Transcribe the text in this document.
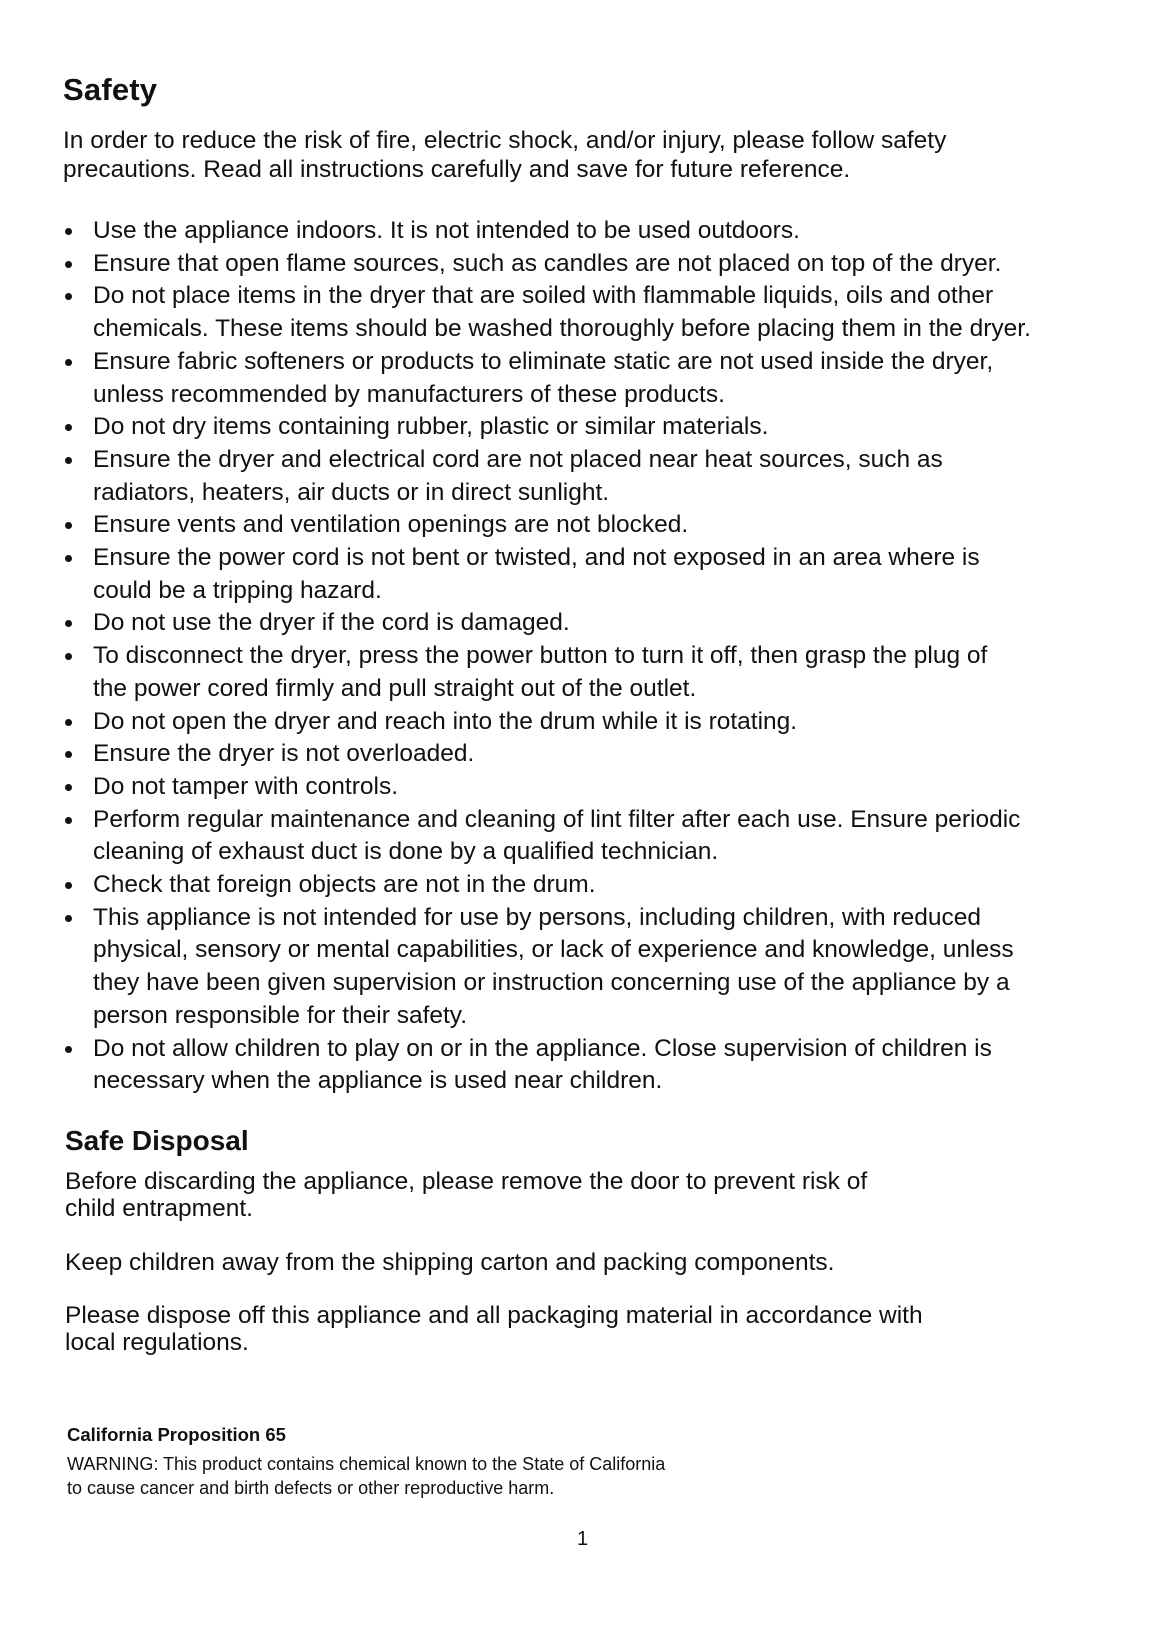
Safety

In order to reduce the risk of fire, electric shock, and/or injury, please follow safety
precautions. Read all instructions carefully and save for future reference.

Use the appliance indoors. It is not intended to be used outdoors.
Ensure that open flame sources, such as candles are not placed on top of the dryer.
Do not place items in the dryer that are soiled with flammable liquids, oils and other
chemicals. These items should be washed thoroughly before placing them in the dryer.
Ensure fabric softeners or products to eliminate static are not used inside the dryer,
unless recommended by manufacturers of these products.
Do not dry items containing rubber, plastic or similar materials.
Ensure the dryer and electrical cord are not placed near heat sources, such as
radiators, heaters, air ducts or in direct sunlight.
Ensure vents and ventilation openings are not blocked.
Ensure the power cord is not bent or twisted, and not exposed in an area where is
could be a tripping hazard.
Do not use the dryer if the cord is damaged.
To disconnect the dryer, press the power button to turn it off, then grasp the plug of
the power cored firmly and pull straight out of the outlet.
Do not open the dryer and reach into the drum while it is rotating.
Ensure the dryer is not overloaded.
Do not tamper with controls.
Perform regular maintenance and cleaning of lint filter after each use. Ensure periodic
cleaning of exhaust duct is done by a qualified technician.
Check that foreign objects are not in the drum.
This appliance is not intended for use by persons, including children, with reduced
physical, sensory or mental capabilities, or lack of experience and knowledge, unless
they have been given supervision or instruction concerning use of the appliance by a
person responsible for their safety.
Do not allow children to play on or in the appliance. Close supervision of children is
necessary when the appliance is used near children.
Safe Disposal

Before discarding the appliance, please remove the door to prevent risk of
child entrapment.

Keep children away from the shipping carton and packing components.

Please dispose off this appliance and all packaging material in accordance with
local regulations.

California Proposition 65

WARNING: This product contains chemical known to the State of California
to cause cancer and birth defects or other reproductive harm.

1
